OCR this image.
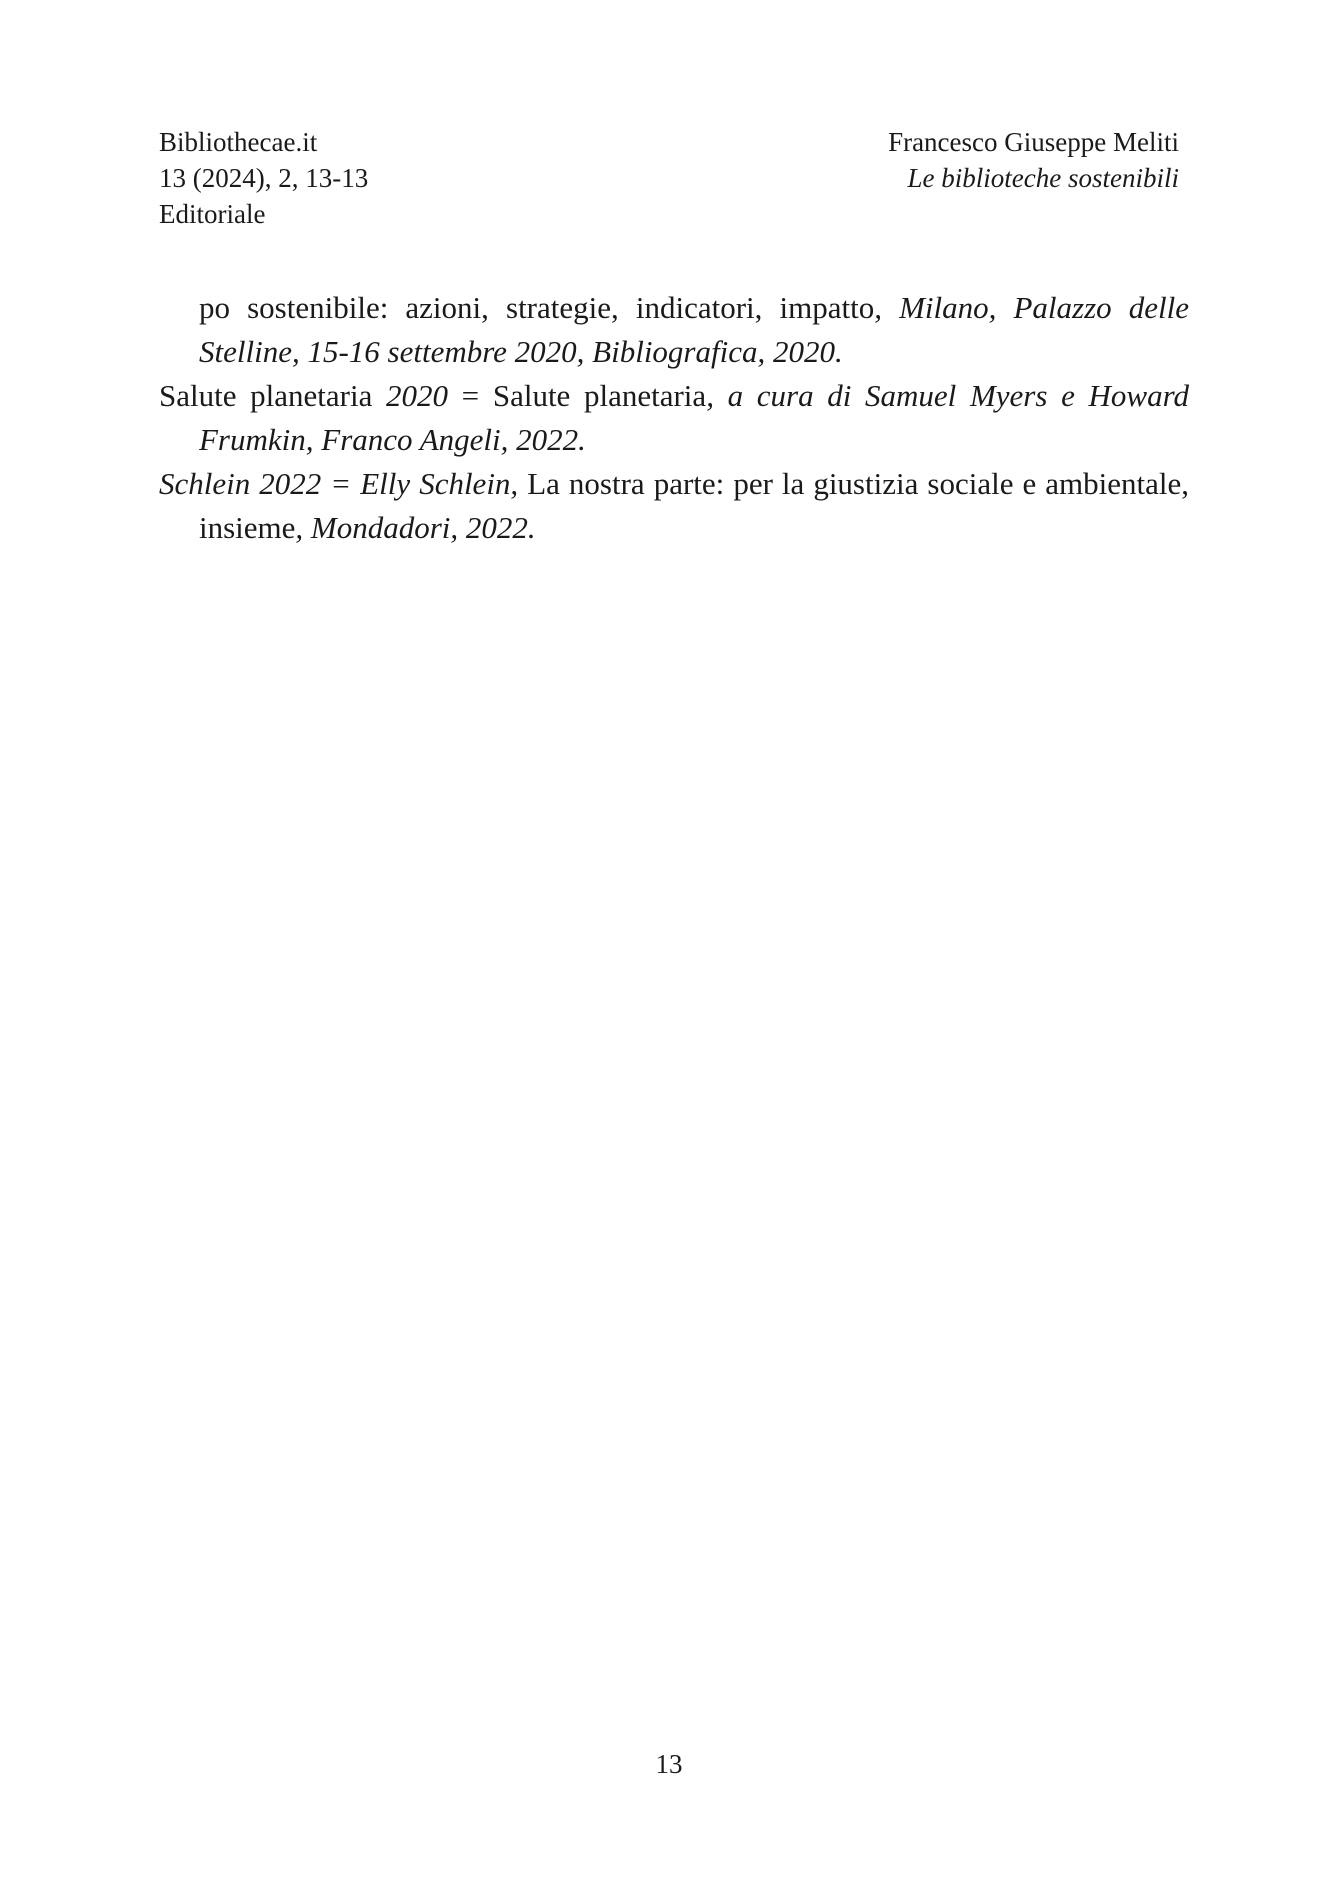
Bibliothecae.it
13 (2024), 2, 13-13
Editoriale
Francesco Giuseppe Meliti
Le biblioteche sostenibili

po sostenibile: azioni, strategie, indicatori, impatto, Milano, Palazzo delle Stelline, 15-16 settembre 2020, Bibliografica, 2020.

Salute planetaria 2020 = Salute planetaria, a cura di Samuel Myers e Howard Frumkin, Franco Angeli, 2022.

Schlein 2022 = Elly Schlein, La nostra parte: per la giustizia sociale e ambientale, insieme, Mondadori, 2022.

13
